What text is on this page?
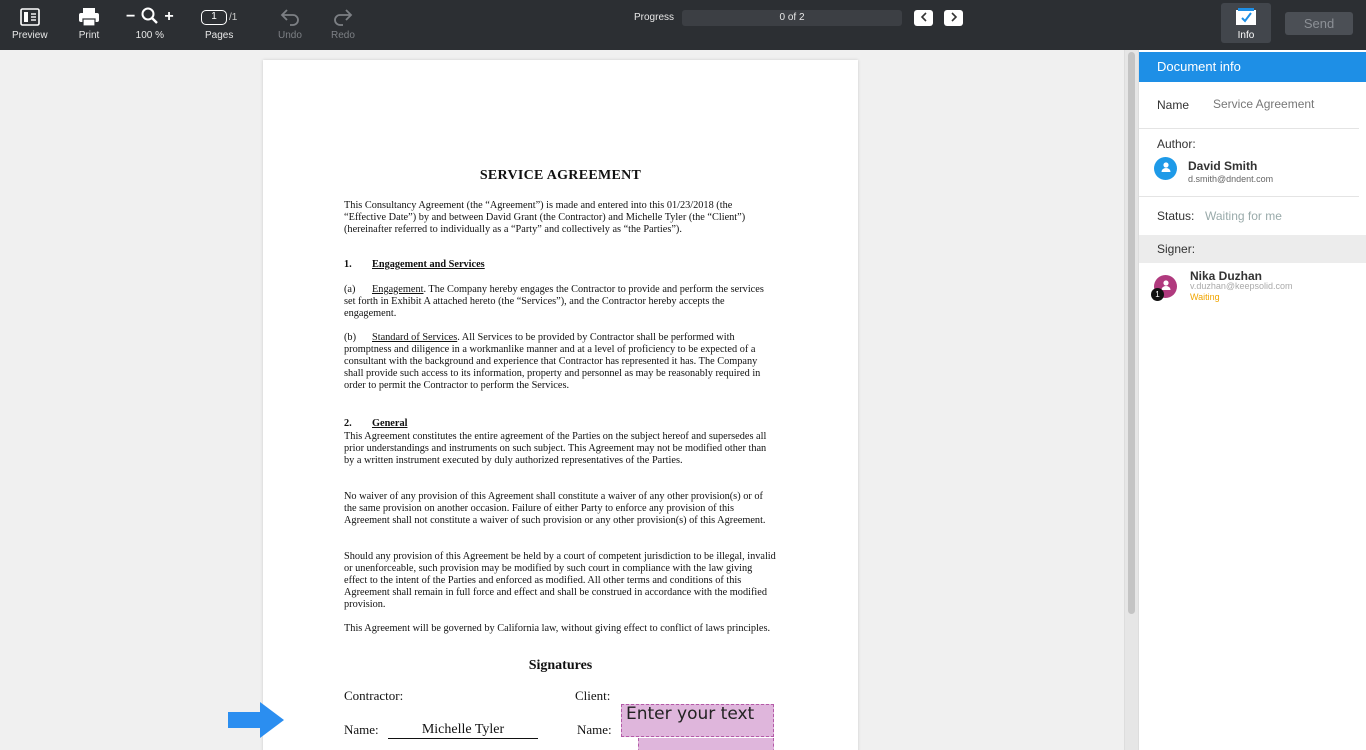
Preview	Print
− +
100 %
1	/1
Pages	Undo	Redo
Progress	0 of 2
Info
Send
SERVICE AGREEMENT
This Consultancy Agreement (the “Agreement”) is made and entered into this 01/23/2018 (the “Effective Date”) by and between David Grant (the Contractor) and Michelle Tyler (the “Client”) (hereinafter referred to individually as a “Party” and collectively as “the Parties”).
1. Engagement and Services
(a) Engagement. The Company hereby engages the Contractor to provide and perform the services set forth in Exhibit A attached hereto (the “Services”), and the Contractor hereby accepts the engagement.
(b) Standard of Services. All Services to be provided by Contractor shall be performed with promptness and diligence in a workmanlike manner and at a level of proficiency to be expected of a consultant with the background and experience that Contractor has represented it has. The Company shall provide such access to its information, property and personnel as may be reasonably required in order to permit the Contractor to perform the Services.
2. General
This Agreement constitutes the entire agreement of the Parties on the subject hereof and supersedes all prior understandings and instruments on such subject. This Agreement may not be modified other than by a written instrument executed by duly authorized representatives of the Parties.
No waiver of any provision of this Agreement shall constitute a waiver of any other provision(s) or of the same provision on another occasion. Failure of either Party to enforce any provision of this Agreement shall not constitute a waiver of such provision or any other provision(s) of this Agreement.
Should any provision of this Agreement be held by a court of competent jurisdiction to be illegal, invalid or unenforceable, such provision may be modified by such court in compliance with the law giving effect to the intent of the Parties and enforced as modified. All other terms and conditions of this Agreement shall remain in full force and effect and shall be construed in accordance with the modified provision.
This Agreement will be governed by California law, without giving effect to conflict of laws principles.
Signatures
Contractor:	Client:
Name:	Michelle Tyler	Name:
Enter your text
Document info
Name Service Agreement
Author:
David Smith
d.smith@dndent.com
Status: Waiting for me
Signer:
1
Nika Duzhan
v.duzhan@keepsolid.com
Waiting
